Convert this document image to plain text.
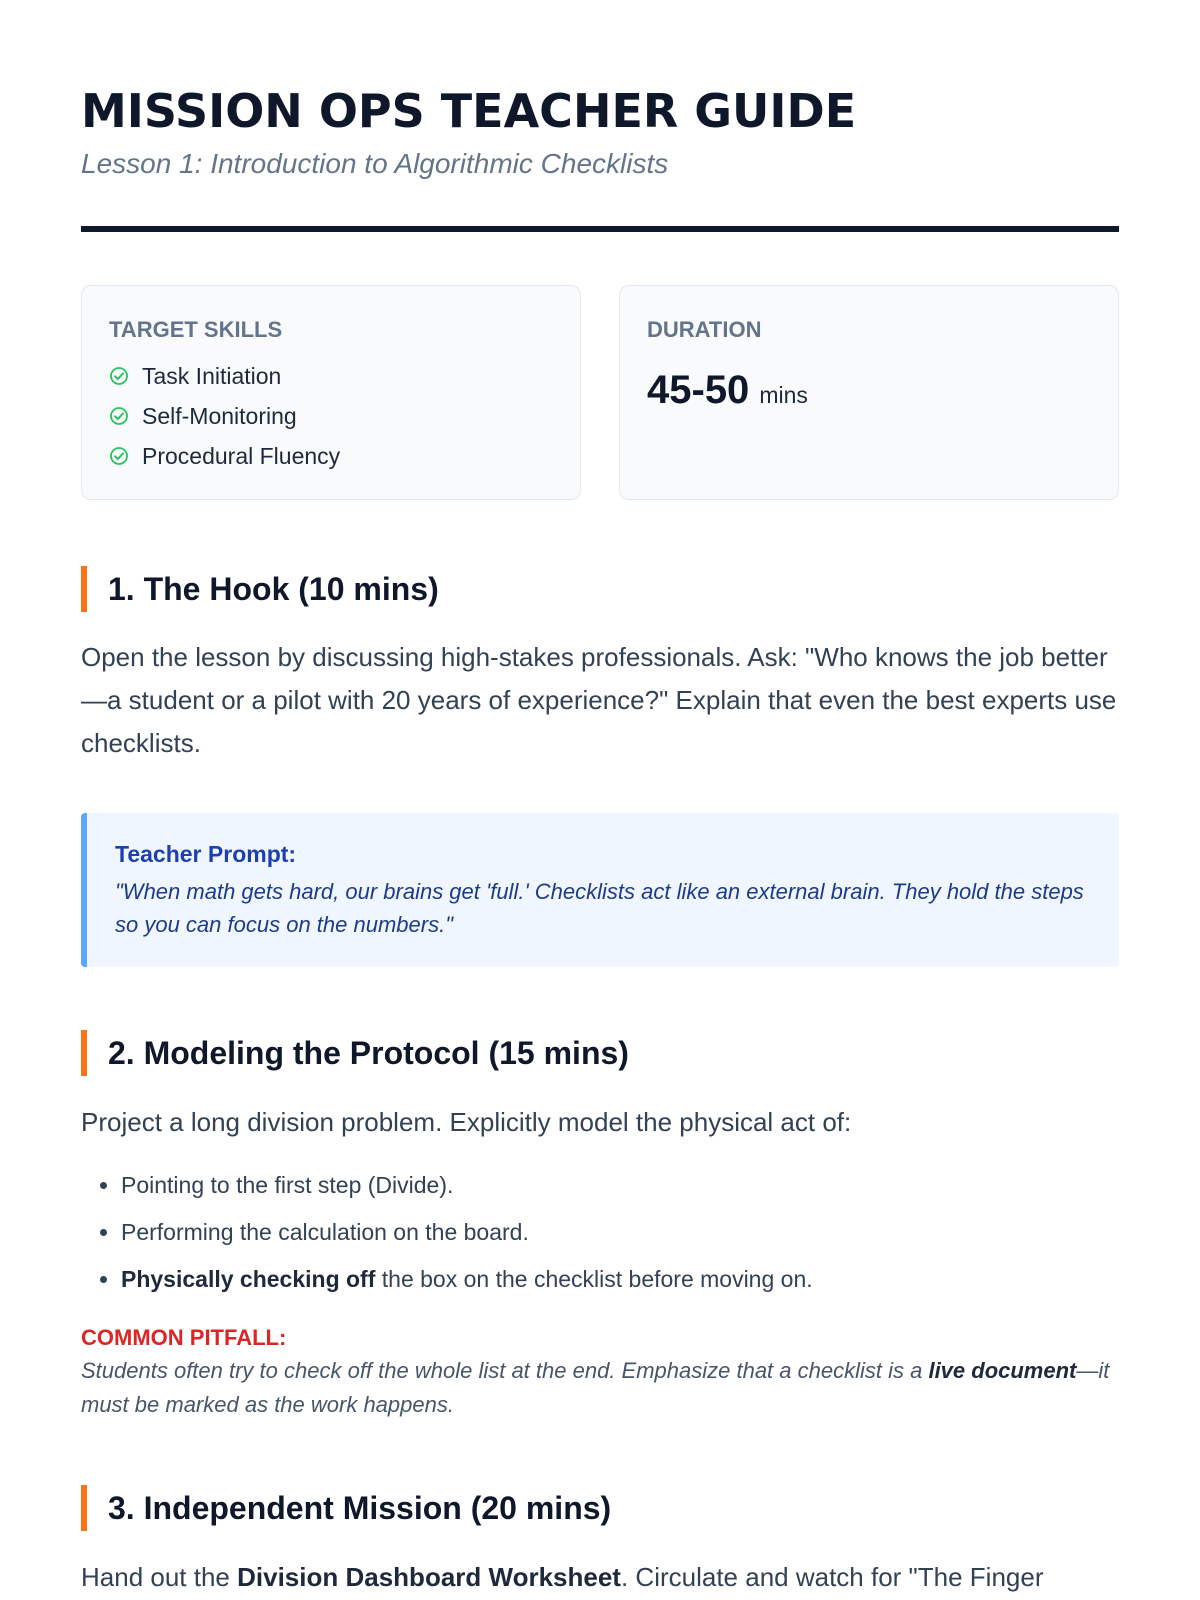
MISSION OPS TEACHER GUIDE
Lesson 1: Introduction to Algorithmic Checklists
TARGET SKILLS
Task Initiation
Self-Monitoring
Procedural Fluency
DURATION
45-50 mins
1. The Hook (10 mins)

Open the lesson by discussing high-stakes professionals. Ask: "Who knows the job better—a student or a pilot with 20 years of experience?" Explain that even the best experts use checklists.

Teacher Prompt:
"When math gets hard, our brains get 'full.' Checklists act like an external brain. They hold the steps so you can focus on the numbers."
2. Modeling the Protocol (15 mins)

Project a long division problem. Explicitly model the physical act of:

• Pointing to the first step (Divide).
• Performing the calculation on the board.
• Physically checking off the box on the checklist before moving on.
COMMON PITFALL:
Students often try to check off the whole list at the end. Emphasize that a checklist is a live document—it must be marked as the work happens.
3. Independent Mission (20 mins)

Hand out the Division Dashboard Worksheet. Circulate and watch for "The Finger
